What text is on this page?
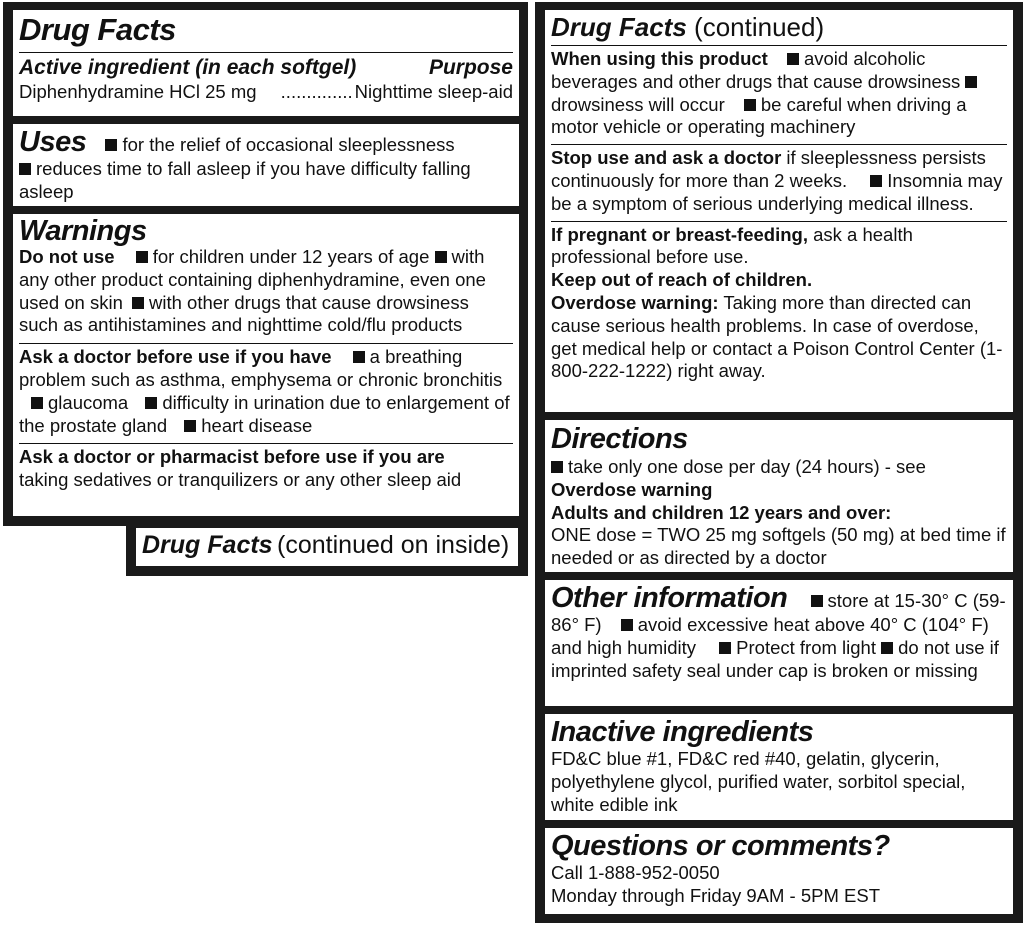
Drug Facts
Active ingredient (in each softgel)	Purpose
Diphenhydramine HCl 25 mg	.............. Nighttime sleep-aid
Uses for the relief of occasional sleeplessness
reduces time to fall asleep if you have difficulty falling asleep
Warnings
Do not use for children under 12 years of age with any other product containing diphenhydramine, even one used on skin with other drugs that cause drowsiness such as antihistamines and nighttime cold/flu products
Ask a doctor before use if you have a breathing problem such as asthma, emphysema or chronic bronchitis glaucoma difficulty in urination due to enlargement of the prostate gland heart disease
Ask a doctor or pharmacist before use if you are
taking sedatives or tranquilizers or any other sleep aid
Drug Facts (continued on inside)
Drug Facts (continued)
When using this product avoid alcoholic beverages and other drugs that cause drowsiness drowsiness will occur be careful when driving a motor vehicle or operating machinery
Stop use and ask a doctor if sleeplessness persists continuously for more than 2 weeks. Insomnia may be a symptom of serious underlying medical illness.
If pregnant or breast-feeding, ask a health professional before use.
Keep out of reach of children.
Overdose warning: Taking more than directed can cause serious health problems. In case of overdose, get medical help or contact a Poison Control Center (1-800-222-1222) right away.
Directions
take only one dose per day (24 hours) - see
Overdose warning
Adults and children 12 years and over:
ONE dose = TWO 25 mg softgels (50 mg) at bed time if needed or as directed by a doctor
Other information store at 15-30° C (59-86° F) avoid excessive heat above 40° C (104° F) and high humidity Protect from light do not use if imprinted safety seal under cap is broken or missing
Inactive ingredients
FD&C blue #1, FD&C red #40, gelatin, glycerin, polyethylene glycol, purified water, sorbitol special, white edible ink
Questions or comments?
Call 1-888-952-0050
Monday through Friday 9AM - 5PM EST
